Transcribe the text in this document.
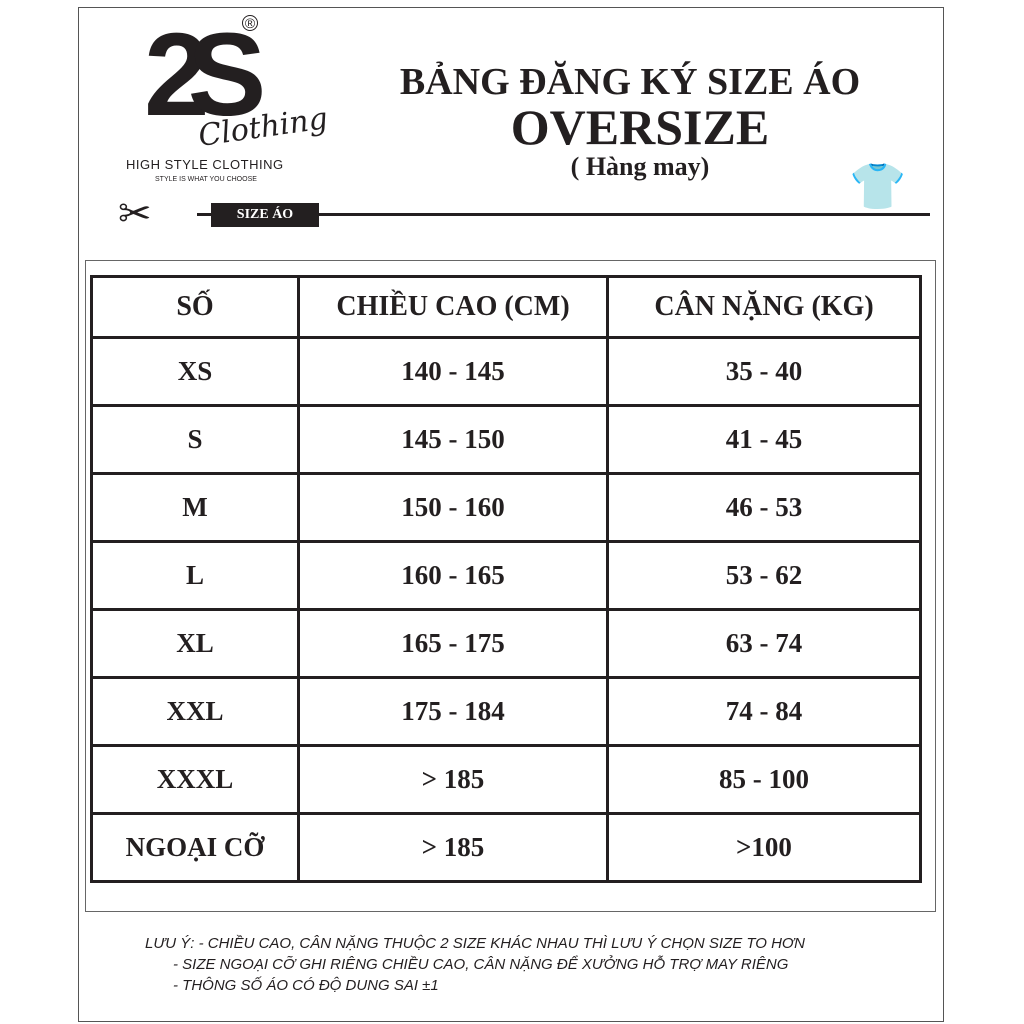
2S ®
Clothing
HIGH STYLE CLOTHING
STYLE IS WHAT YOU CHOOSE
✂	SIZE ÁO
BẢNG ĐĂNG KÝ SIZE ÁO
OVERSIZE
( Hàng may)	👕
SỐ	CHIỀU CAO (CM)	CÂN NẶNG (KG)
XS	140 - 145	35 - 40
S	145 - 150	41 - 45
M	150 - 160	46 - 53
L	160 - 165	53 - 62
XL	165 - 175	63 - 74
XXL	175 - 184	74 - 84
XXXL	> 185	85 - 100
NGOẠI CỠ	> 185	>100
LƯU Ý: - CHIỀU CAO, CÂN NẶNG THUỘC 2 SIZE KHÁC NHAU THÌ LƯU Ý CHỌN SIZE TO HƠN
- SIZE NGOẠI CỠ GHI RIÊNG CHIỀU CAO, CÂN NẶNG ĐỂ XƯỞNG HỖ TRỢ MAY RIÊNG
- THÔNG SỐ ÁO CÓ ĐỘ DUNG SAI ±1
